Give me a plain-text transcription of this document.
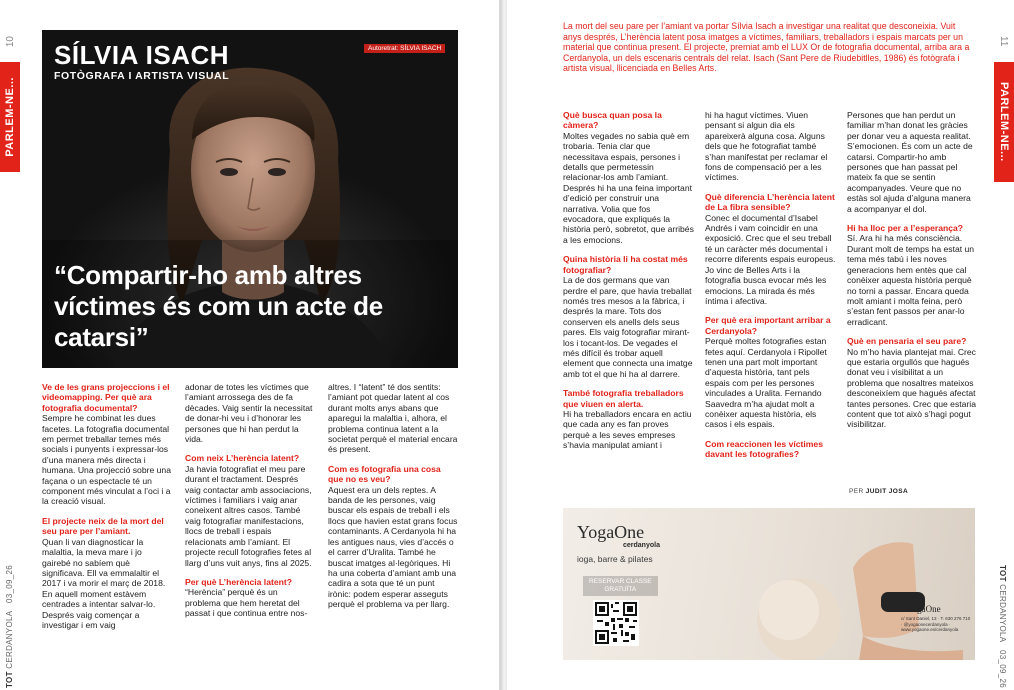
PARLEM-NE...
10
TOT CERDANYOLA   03_09_26
SÍLVIA ISACH
FOTÒGRAFA I ARTISTA VISUAL
Autoretrat: SÍLVIA ISACH
“Compartir-ho amb altres víctimes és com un acte de catarsi”

Ve de les grans projeccions i el videomapping. Per què ara fotografia documental?
Sempre he combinat les dues facetes. La fotografia documental em permet treballar temes més socials i punyents i expressar-los d’una manera més directa i humana. Una projecció sobre una façana o un espectacle té un component més vinculat a l’oci i a la creació visual.

El projecte neix de la mort del seu pare per l’amiant.
Quan li van diagnosticar la malaltia, la meva mare i jo gairebé no sabíem què significava. Ell va emmalaltir el 2017 i va morir el març de 2018. En aquell moment estàvem centrades a intentar salvar-lo. Després vaig començar a investigar i em vaig

adonar de totes les víctimes que l’amiant arrossega des de fa dècades. Vaig sentir la necessitat de donar-hi veu i d’honorar les persones que hi han perdut la vida.

Com neix L’herència latent?
Ja havia fotografiat el meu pare durant el tractament. Després vaig contactar amb associacions, víctimes i familiars i vaig anar coneixent altres casos. També vaig fotografiar manifestacions, llocs de treball i espais relacionats amb l’amiant. El projecte recull fotografies fetes al llarg d’uns vuit anys, fins al 2025.

Per què L’herència latent?
“Herència” perquè és un problema que hem heretat del passat i que continua entre nos-

altres. I “latent” té dos sentits: l’amiant pot quedar latent al cos durant molts anys abans que aparegui la malaltia i, alhora, el problema continua latent a la societat perquè el material encara és present.

Com es fotografia una cosa que no es veu?
Aquest era un dels reptes. A banda de les persones, vaig buscar els espais de treball i els llocs que havien estat grans focus contaminants. A Cerdanyola hi ha les antigues naus, vies d’accés o el carrer d’Uralita. També he buscat imatges al·legòriques. Hi ha una coberta d’amiant amb una cadira a sota que té un punt irònic: podem esperar asseguts perquè el problema va per llarg.

PARLEM-NE...
11
TOT CERDANYOLA   03_09_26
La mort del seu pare per l’amiant va portar Sílvia Isach a investigar una realitat que desconeixia. Vuit anys després, L’herència latent posa imatges a víctimes, familiars, treballadors i espais marcats per un material que continua present. El projecte, premiat amb el LUX Or de fotografia documental, arriba ara a Cerdanyola, un dels escenaris centrals del relat. Isach (Sant Pere de Riudebitlles, 1986) és fotògrafa i artista visual, llicenciada en Belles Arts.

Què busca quan posa la càmera?
Moltes vegades no sabia què em trobaria. Tenia clar que necessitava espais, persones i detalls que permetessin relacionar-los amb l’amiant. Després hi ha una feina important d’edició per construir una narrativa. Volia que fos evocadora, que expliqués la història però, sobretot, que arribés a les emocions.

Quina història li ha costat més fotografiar?
La de dos germans que van perdre el pare, que havia treballat només tres mesos a la fàbrica, i després la mare. Tots dos conserven els anells dels seus pares. Els vaig fotografiar mirant-los i tocant-los. De vegades el més difícil és trobar aquell element que connecta una imatge amb tot el que hi ha al darrere.

També fotografia treballadors que viuen en alerta.
Hi ha treballadors encara en actiu que cada any es fan proves perquè a les seves empreses s’havia manipulat amiant i

hi ha hagut víctimes. Viuen pensant si algun dia els apareixerà alguna cosa. Alguns dels que he fotografiat també s’han manifestat per reclamar el fons de compensació per a les víctimes.

Què diferencia L’herència latent de La fibra sensible?
Conec el documental d’Isabel Andrés i vam coincidir en una exposició. Crec que el seu treball té un caràcter més documental i recorre diferents espais europeus. Jo vinc de Belles Arts i la fotografia busca evocar més les emocions. La mirada és més íntima i afectiva.

Per què era important arribar a Cerdanyola?
Perquè moltes fotografies estan fetes aquí. Cerdanyola i Ripollet tenen una part molt important d’aquesta història, tant pels espais com per les persones vinculades a Uralita. Fernando Saavedra m’ha ajudat molt a conèixer aquesta història, els casos i els espais.

Com reaccionen les víctimes davant les fotografies?

Persones que han perdut un familiar m’han donat les gràcies per donar veu a aquesta realitat. S’emocionen. És com un acte de catarsi. Compartir-ho amb persones que han passat pel mateix fa que se sentin acompanyades. Veure que no estàs sol ajuda d’alguna manera a acompanyar el dol.

Hi ha lloc per a l’esperança?
Sí. Ara hi ha més consciència. Durant molt de temps ha estat un tema més tabú i les noves generacions hem entès que cal conèixer aquesta història perquè no torni a passar. Encara queda molt amiant i molta feina, però s’estan fent passos per anar-lo erradicant.

Què en pensaria el seu pare?
No m’ho havia plantejat mai. Crec que estaria orgullós que hagués donat veu i visibilitat a un problema que nosaltres mateixos desconeixíem que hagués afectat tantes persones. Crec que estaria content que tot això s’hagi pogut visibilitzar.

PER JUDIT JOSA
YogaOne
cerdanyola
ioga, barre & pilates
RESERVAR CLASSE
GRATUÏTA
YogaOne
c/ Sant Daniel, 13 · T. 630 276 710 · @yogaonecerdanyola · www.yogaone.es/cerdanyola
